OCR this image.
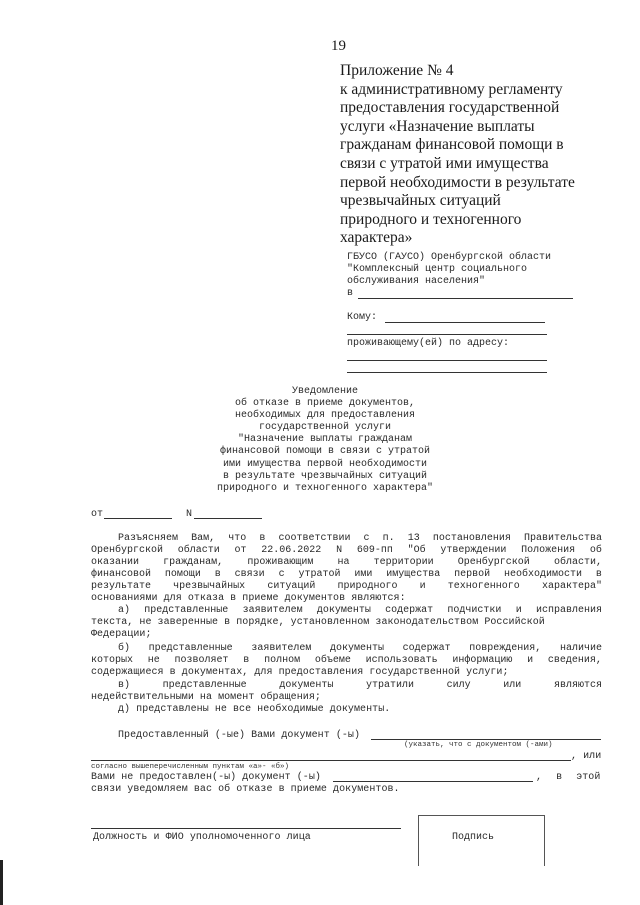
19
Приложение № 4
к административному регламенту
предоставления государственной
услуги «Назначение выплаты
гражданам финансовой помощи в
связи с утратой ими имущества
первой необходимости в результате
чрезвычайных ситуаций
природного и техногенного
характера»
ГБУСО (ГАУСО) Оренбургской области
"Комплексный центр социального
обслуживания населения"
в
Кому:
проживающему(ей) по адресу:
Уведомление
об отказе в приеме документов,
необходимых для предоставления
государственной услуги
"Назначение выплаты гражданам
финансовой помощи в связи с утратой
ими имущества первой необходимости
в результате чрезвычайных ситуаций
природного и техногенного характера"
от	N
Разъясняем Вам, что в соответствии с п. 13 постановления Правительства
Оренбургской области от 22.06.2022 N 609-пп "Об утверждении Положения об
оказании гражданам, проживающим на территории Оренбургской области,
финансовой помощи в связи с утратой ими имущества первой необходимости в
результате чрезвычайных ситуаций природного и техногенного характера"
основаниями для отказа в приеме документов являются:
а) представленные заявителем документы содержат подчистки и исправления
текста, не заверенные в порядке, установленном законодательством Российской
Федерации;
б) представленные заявителем документы содержат повреждения, наличие
которых не позволяет в полном объеме использовать информацию и сведения,
содержащиеся в документах, для предоставления государственной услуги;
в)	представленные	документы	утратили	силу	или	являются
недействительными на момент обращения;
д) представлены не все необходимые документы.
Предоставленный (-ые) Вами документ (-ы)
(указать, что с документом (-ами)
, или
согласно вышеперечисленным пунктам «а»- «б»)
Вами не предоставлен(-ы) документ (-ы)	, в этой
связи уведомляем вас об отказе в приеме документов.
Должность и ФИО уполномоченного лица	Подпись
